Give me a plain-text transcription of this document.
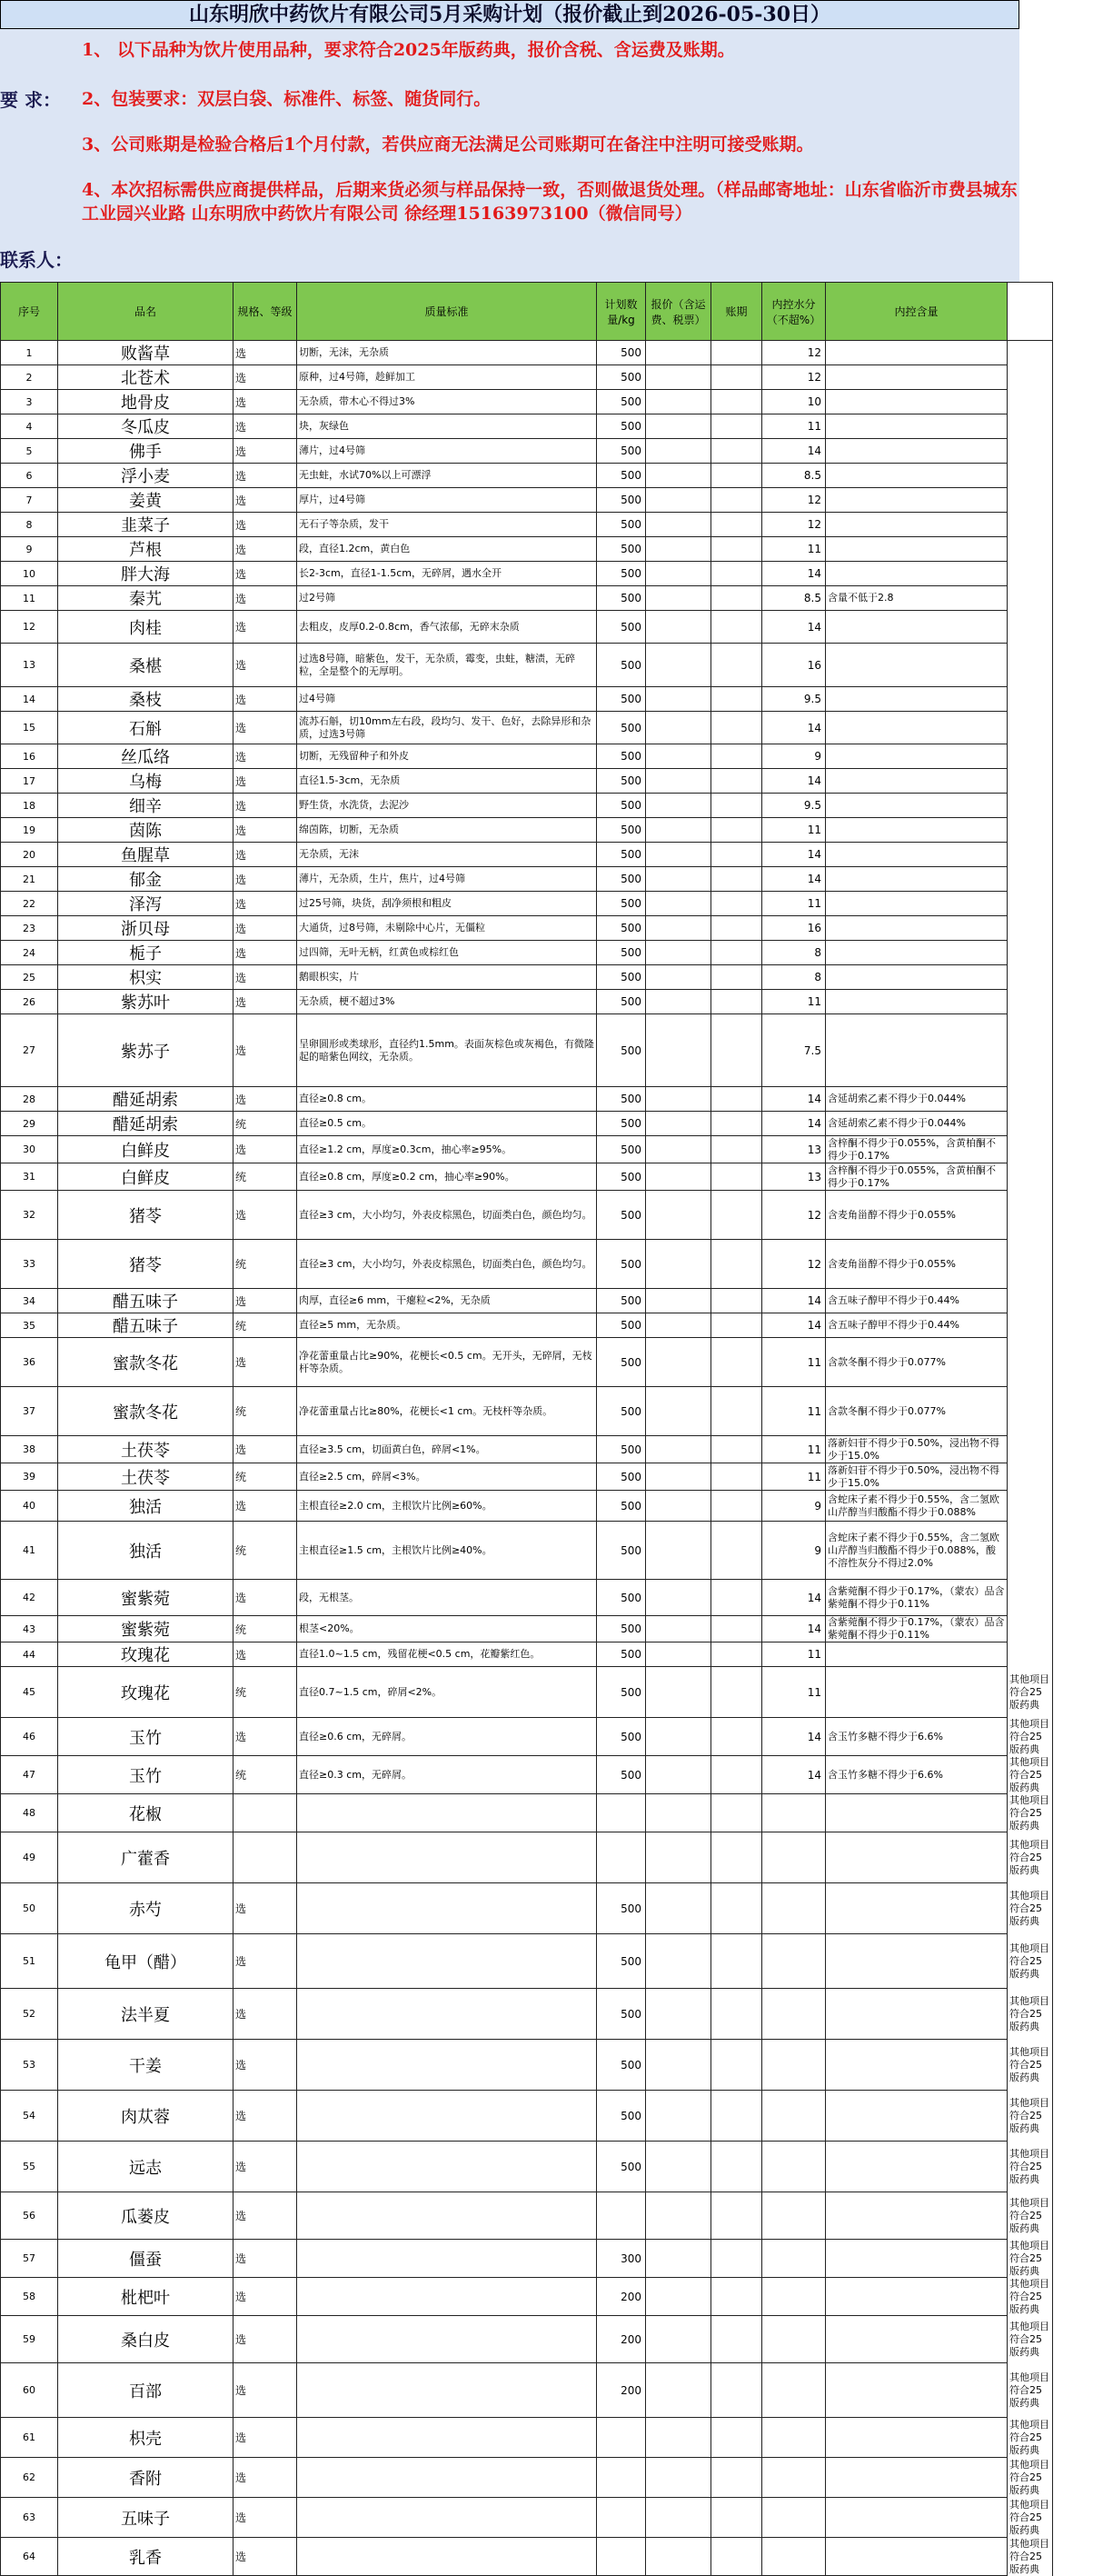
山东明欣中药饮片有限公司5月采购计划（报价截止到2026-05-30日）
要 求：
1、 以下品种为饮片使用品种，要求符合2025年版药典，报价含税、含运费及账期。
2、包装要求：双层白袋、标准件、标签、随货同行。
3、公司账期是检验合格后1个月付款，若供应商无法满足公司账期可在备注中注明可接受账期。
4、本次招标需供应商提供样品，后期来货必须与样品保持一致，否则做退货处理。（样品邮寄地址：山东省临沂市费县城东工业园兴业路 山东明欣中药饮片有限公司 徐经理15163973100（微信同号）
联系人：
序号	品名	规格、等级	质量标准	计划数量/kg	报价（含运费、税票）	账期	内控水分（不超%）	内控含量	
1	败酱草	选	切断，无沫，无杂质	500			12		
2	北苍术	选	原种，过4号筛，趁鲜加工	500			12		
3	地骨皮	选	无杂质，带木心不得过3%	500			10		
4	冬瓜皮	选	块，灰绿色	500			11		
5	佛手	选	薄片，过4号筛	500			14		
6	浮小麦	选	无虫蛀，水试70%以上可漂浮	500			8.5		
7	姜黄	选	厚片，过4号筛	500			12		
8	韭菜子	选	无石子等杂质，发干	500			12		
9	芦根	选	段，直径1.2cm，黄白色	500			11		
10	胖大海	选	长2-3cm，直径1-1.5cm，无碎屑，遇水全开	500			14		
11	秦艽	选	过2号筛	500			8.5	含量不低于2.8	
12	肉桂	选	去粗皮，皮厚0.2-0.8cm，香气浓郁，无碎末杂质	500			14		
13	桑椹	选	过选8号筛，暗紫色，发干，无杂质，霉变，虫蛀，糖渍，无碎粒，全是整个的无厚明。	500			16		
14	桑枝	选	过4号筛	500			9.5		
15	石斛	选	流苏石斛，切10mm左右段，段均匀、发干、色好，去除异形和杂质，过选3号筛	500			14		
16	丝瓜络	选	切断，无残留种子和外皮	500			9		
17	乌梅	选	直径1.5-3cm，无杂质	500			14		
18	细辛	选	野生货，水洗货，去泥沙	500			9.5		
19	茵陈	选	绵茵陈，切断，无杂质	500			11		
20	鱼腥草	选	无杂质，无沫	500			14		
21	郁金	选	薄片，无杂质，生片，焦片，过4号筛	500			14		
22	泽泻	选	过25号筛，块货，刮净须根和粗皮	500			11		
23	浙贝母	选	大通货，过8号筛，未剔除中心片，无僵粒	500			16		
24	栀子	选	过四筛，无叶无柄，红黄色或棕红色	500			8		
25	枳实	选	鹅眼枳实，片	500			8		
26	紫苏叶	选	无杂质，梗不超过3%	500			11		
27	紫苏子	选	呈卵圆形或类球形，直径约1.5mm。表面灰棕色或灰褐色，有微隆起的暗紫色网纹，无杂质。	500			7.5		
28	醋延胡索	选	直径≥0.8 cm。	500			14	含延胡索乙素不得少于0.044%	
29	醋延胡索	统	直径≥0.5 cm。	500			14	含延胡索乙素不得少于0.044%	
30	白鲜皮	选	直径≥1.2 cm，厚度≥0.3cm，抽心率≥95%。	500			13	含梓酮不得少于0.055%，含黄柏酮不得少于0.17%	
31	白鲜皮	统	直径≥0.8 cm，厚度≥0.2 cm，抽心率≥90%。	500			13	含梓酮不得少于0.055%，含黄柏酮不得少于0.17%	
32	猪苓	选	直径≥3 cm，大小均匀，外表皮棕黑色，切面类白色，颜色均匀。	500			12	含麦角甾醇不得少于0.055%	
33	猪苓	统	直径≥3 cm，大小均匀，外表皮棕黑色，切面类白色，颜色均匀。	500			12	含麦角甾醇不得少于0.055%	
34	醋五味子	选	肉厚，直径≥6 mm，干瘪粒<2%，无杂质	500			14	含五味子醇甲不得少于0.44%	
35	醋五味子	统	直径≥5 mm，无杂质。	500			14	含五味子醇甲不得少于0.44%	
36	蜜款冬花	选	净花蕾重量占比≥90%，花梗长<0.5 cm。无开头，无碎屑，无枝杆等杂质。	500			11	含款冬酮不得少于0.077%	
37	蜜款冬花	统	净花蕾重量占比≥80%，花梗长<1 cm。无枝杆等杂质。	500			11	含款冬酮不得少于0.077%	
38	土茯苓	选	直径≥3.5 cm，切面黄白色，碎屑<1%。	500			11	落新妇苷不得少于0.50%，浸出物不得少于15.0%	
39	土茯苓	统	直径≥2.5 cm，碎屑<3%。	500			11	落新妇苷不得少于0.50%，浸出物不得少于15.0%	
40	独活	选	主根直径≥2.0 cm，主根饮片比例≥60%。	500			9	含蛇床子素不得少于0.55%，含二氢欧山芹醇当归酸酯不得少于0.088%	
41	独活	统	主根直径≥1.5 cm，主根饮片比例≥40%。	500			9	含蛇床子素不得少于0.55%，含二氢欧山芹醇当归酸酯不得少于0.088%，酸不溶性灰分不得过2.0%	
42	蜜紫菀	选	段，无根茎。	500			14	含紫菀酮不得少于0.17%，（蒙农）品含紫菀酮不得少于0.11%	
43	蜜紫菀	统	根茎<20%。	500			14	含紫菀酮不得少于0.17%，（蒙农）品含紫菀酮不得少于0.11%	
44	玫瑰花	选	直径1.0~1.5 cm，残留花梗<0.5 cm，花瓣紫红色。	500			11		
45	玫瑰花	统	直径0.7~1.5 cm，碎屑<2%。	500			11		其他项目符合25版药典
46	玉竹	选	直径≥0.6 cm，无碎屑。	500			14	含玉竹多糖不得少于6.6%	其他项目符合25版药典
47	玉竹	统	直径≥0.3 cm，无碎屑。	500			14	含玉竹多糖不得少于6.6%	其他项目符合25版药典
48	花椒								其他项目符合25版药典
49	广藿香								其他项目符合25版药典
50	赤芍	选		500					其他项目符合25版药典
51	龟甲（醋）	选		500					其他项目符合25版药典
52	法半夏	选		500					其他项目符合25版药典
53	干姜	选		500					其他项目符合25版药典
54	肉苁蓉	选		500					其他项目符合25版药典
55	远志	选		500					其他项目符合25版药典
56	瓜蒌皮	选							其他项目符合25版药典
57	僵蚕	选		300					其他项目符合25版药典
58	枇杷叶	选		200					其他项目符合25版药典
59	桑白皮	选		200					其他项目符合25版药典
60	百部	选		200					其他项目符合25版药典
61	枳壳	选							其他项目符合25版药典
62	香附	选							其他项目符合25版药典
63	五味子	选							其他项目符合25版药典
64	乳香	选							其他项目符合25版药典
